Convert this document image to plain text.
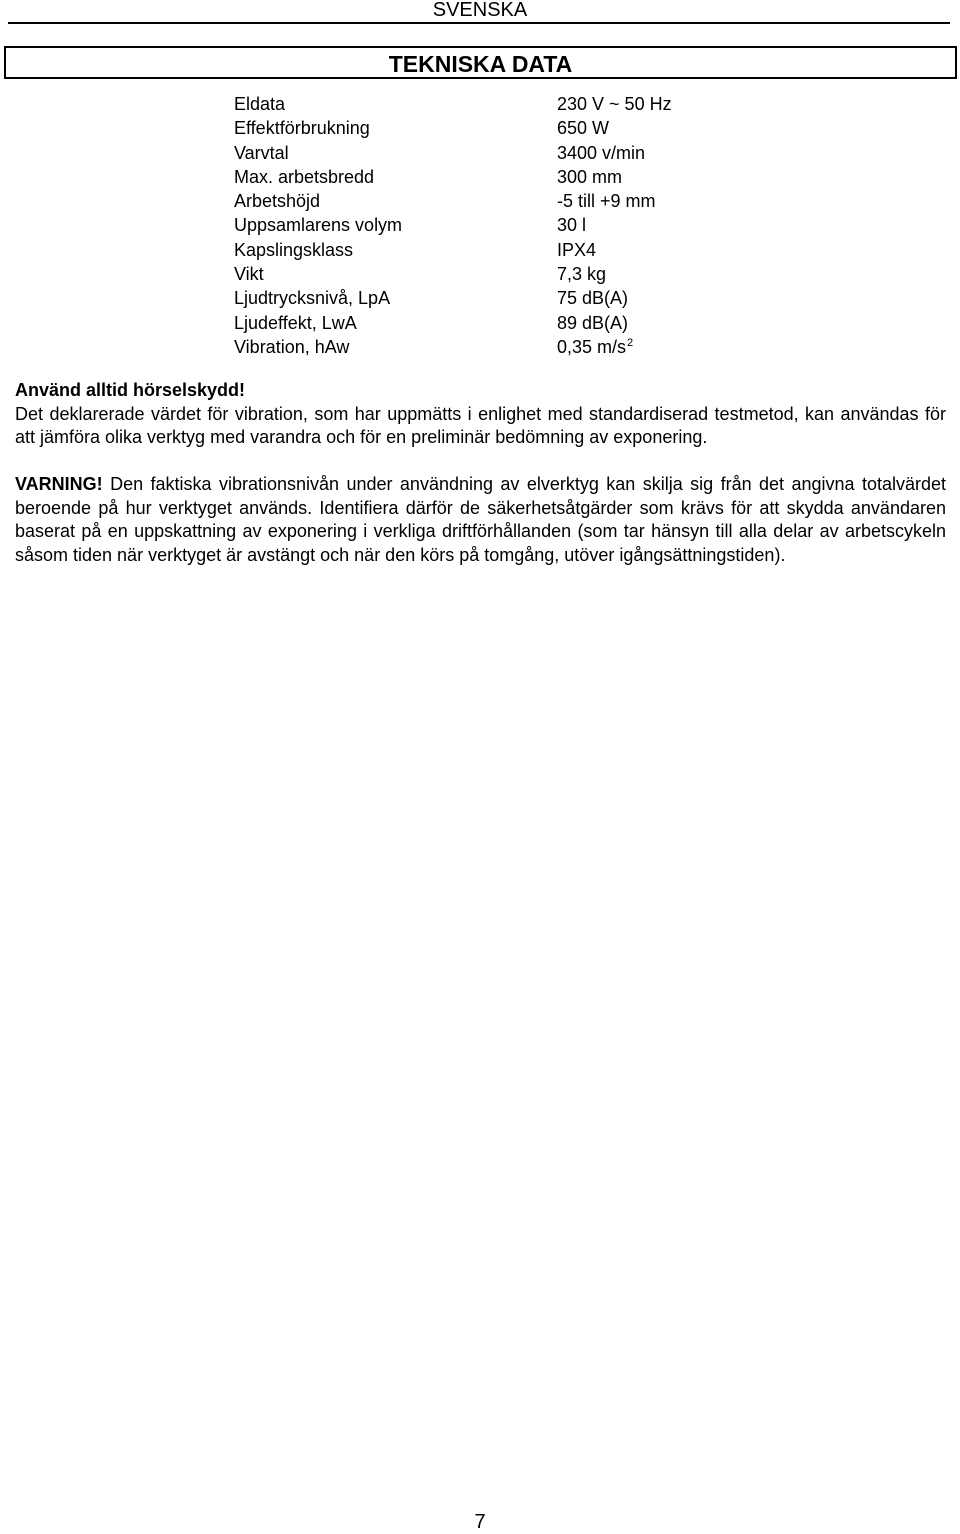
SVENSKA
TEKNISKA DATA
Eldata	230 V ~ 50 Hz
Effektförbrukning	650 W
Varvtal	3400 v/min
Max. arbetsbredd	300 mm
Arbetshöjd	-5 till +9 mm
Uppsamlarens volym	30 l
Kapslingsklass	IPX4
Vikt	7,3 kg
Ljudtrycksnivå, LpA	75 dB(A)
Ljudeffekt, LwA	89 dB(A)
Vibration, hAw	0,35 $m/s^2$

Använd alltid hörselskydd!

Det deklarerade värdet för vibration, som har uppmätts i enlighet med standardiserad testmetod, kan användas för att jämföra olika verktyg med varandra och för en preliminär bedömning av exponering.

VARNING! Den faktiska vibrationsnivån under användning av elverktyg kan skilja sig från det angivna totalvärdet beroende på hur verktyget används. Identifiera därför de säkerhetsåtgärder som krävs för att skydda användaren baserat på en uppskattning av exponering i verkliga driftförhållanden (som tar hänsyn till alla delar av arbetscykeln såsom tiden när verktyget är avstängt och när den körs på tomgång, utöver igångsättningstiden).

7
